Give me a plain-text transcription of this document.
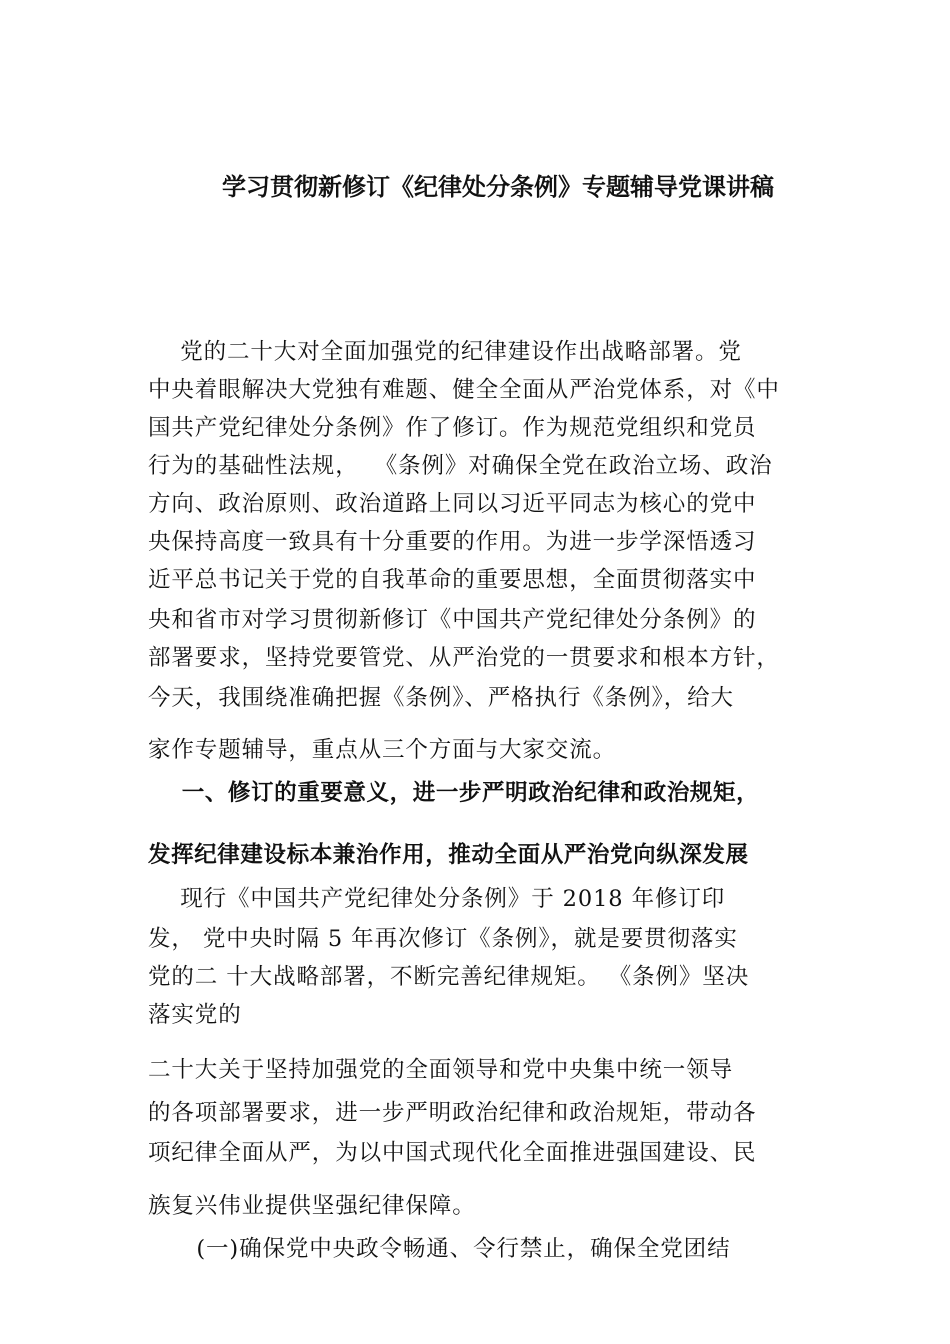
学习贯彻新修订《纪律处分条例》专题辅导党课讲稿
党的二十大对全面加强党的纪律建设作出战略部署。党
中央着眼解决大党独有难题、健全全面从严治党体系，对《中
国共产党纪律处分条例》作了修订。作为规范党组织和党员
行为的基础性法规，  《条例》对确保全党在政治立场、政治
方向、政治原则、政治道路上同以习近平同志为核心的党中
央保持高度一致具有十分重要的作用。为进一步学深悟透习
近平总书记关于党的自我革命的重要思想，全面贯彻落实中
央和省市对学习贯彻新修订《中国共产党纪律处分条例》的
部署要求，坚持党要管党、从严治党的一贯要求和根本方针，
今天，我围绕准确把握《条例》、严格执行《条例》，给大
家作专题辅导，重点从三个方面与大家交流。
一、修订的重要意义，进一步严明政治纪律和政治规矩，
发挥纪律建设标本兼治作用，推动全面从严治党向纵深发展
现行《中国共产党纪律处分条例》于 2018 年修订印
发， 党中央时隔 5 年再次修订《条例》，就是要贯彻落实
党的二 十大战略部署，不断完善纪律规矩。 《条例》坚决
落实党的
二十大关于坚持加强党的全面领导和党中央集中统一领导
的各项部署要求，进一步严明政治纪律和政治规矩，带动各
项纪律全面从严，为以中国式现代化全面推进强国建设、民
族复兴伟业提供坚强纪律保障。
(一)确保党中央政令畅通、令行禁止，确保全党团结
